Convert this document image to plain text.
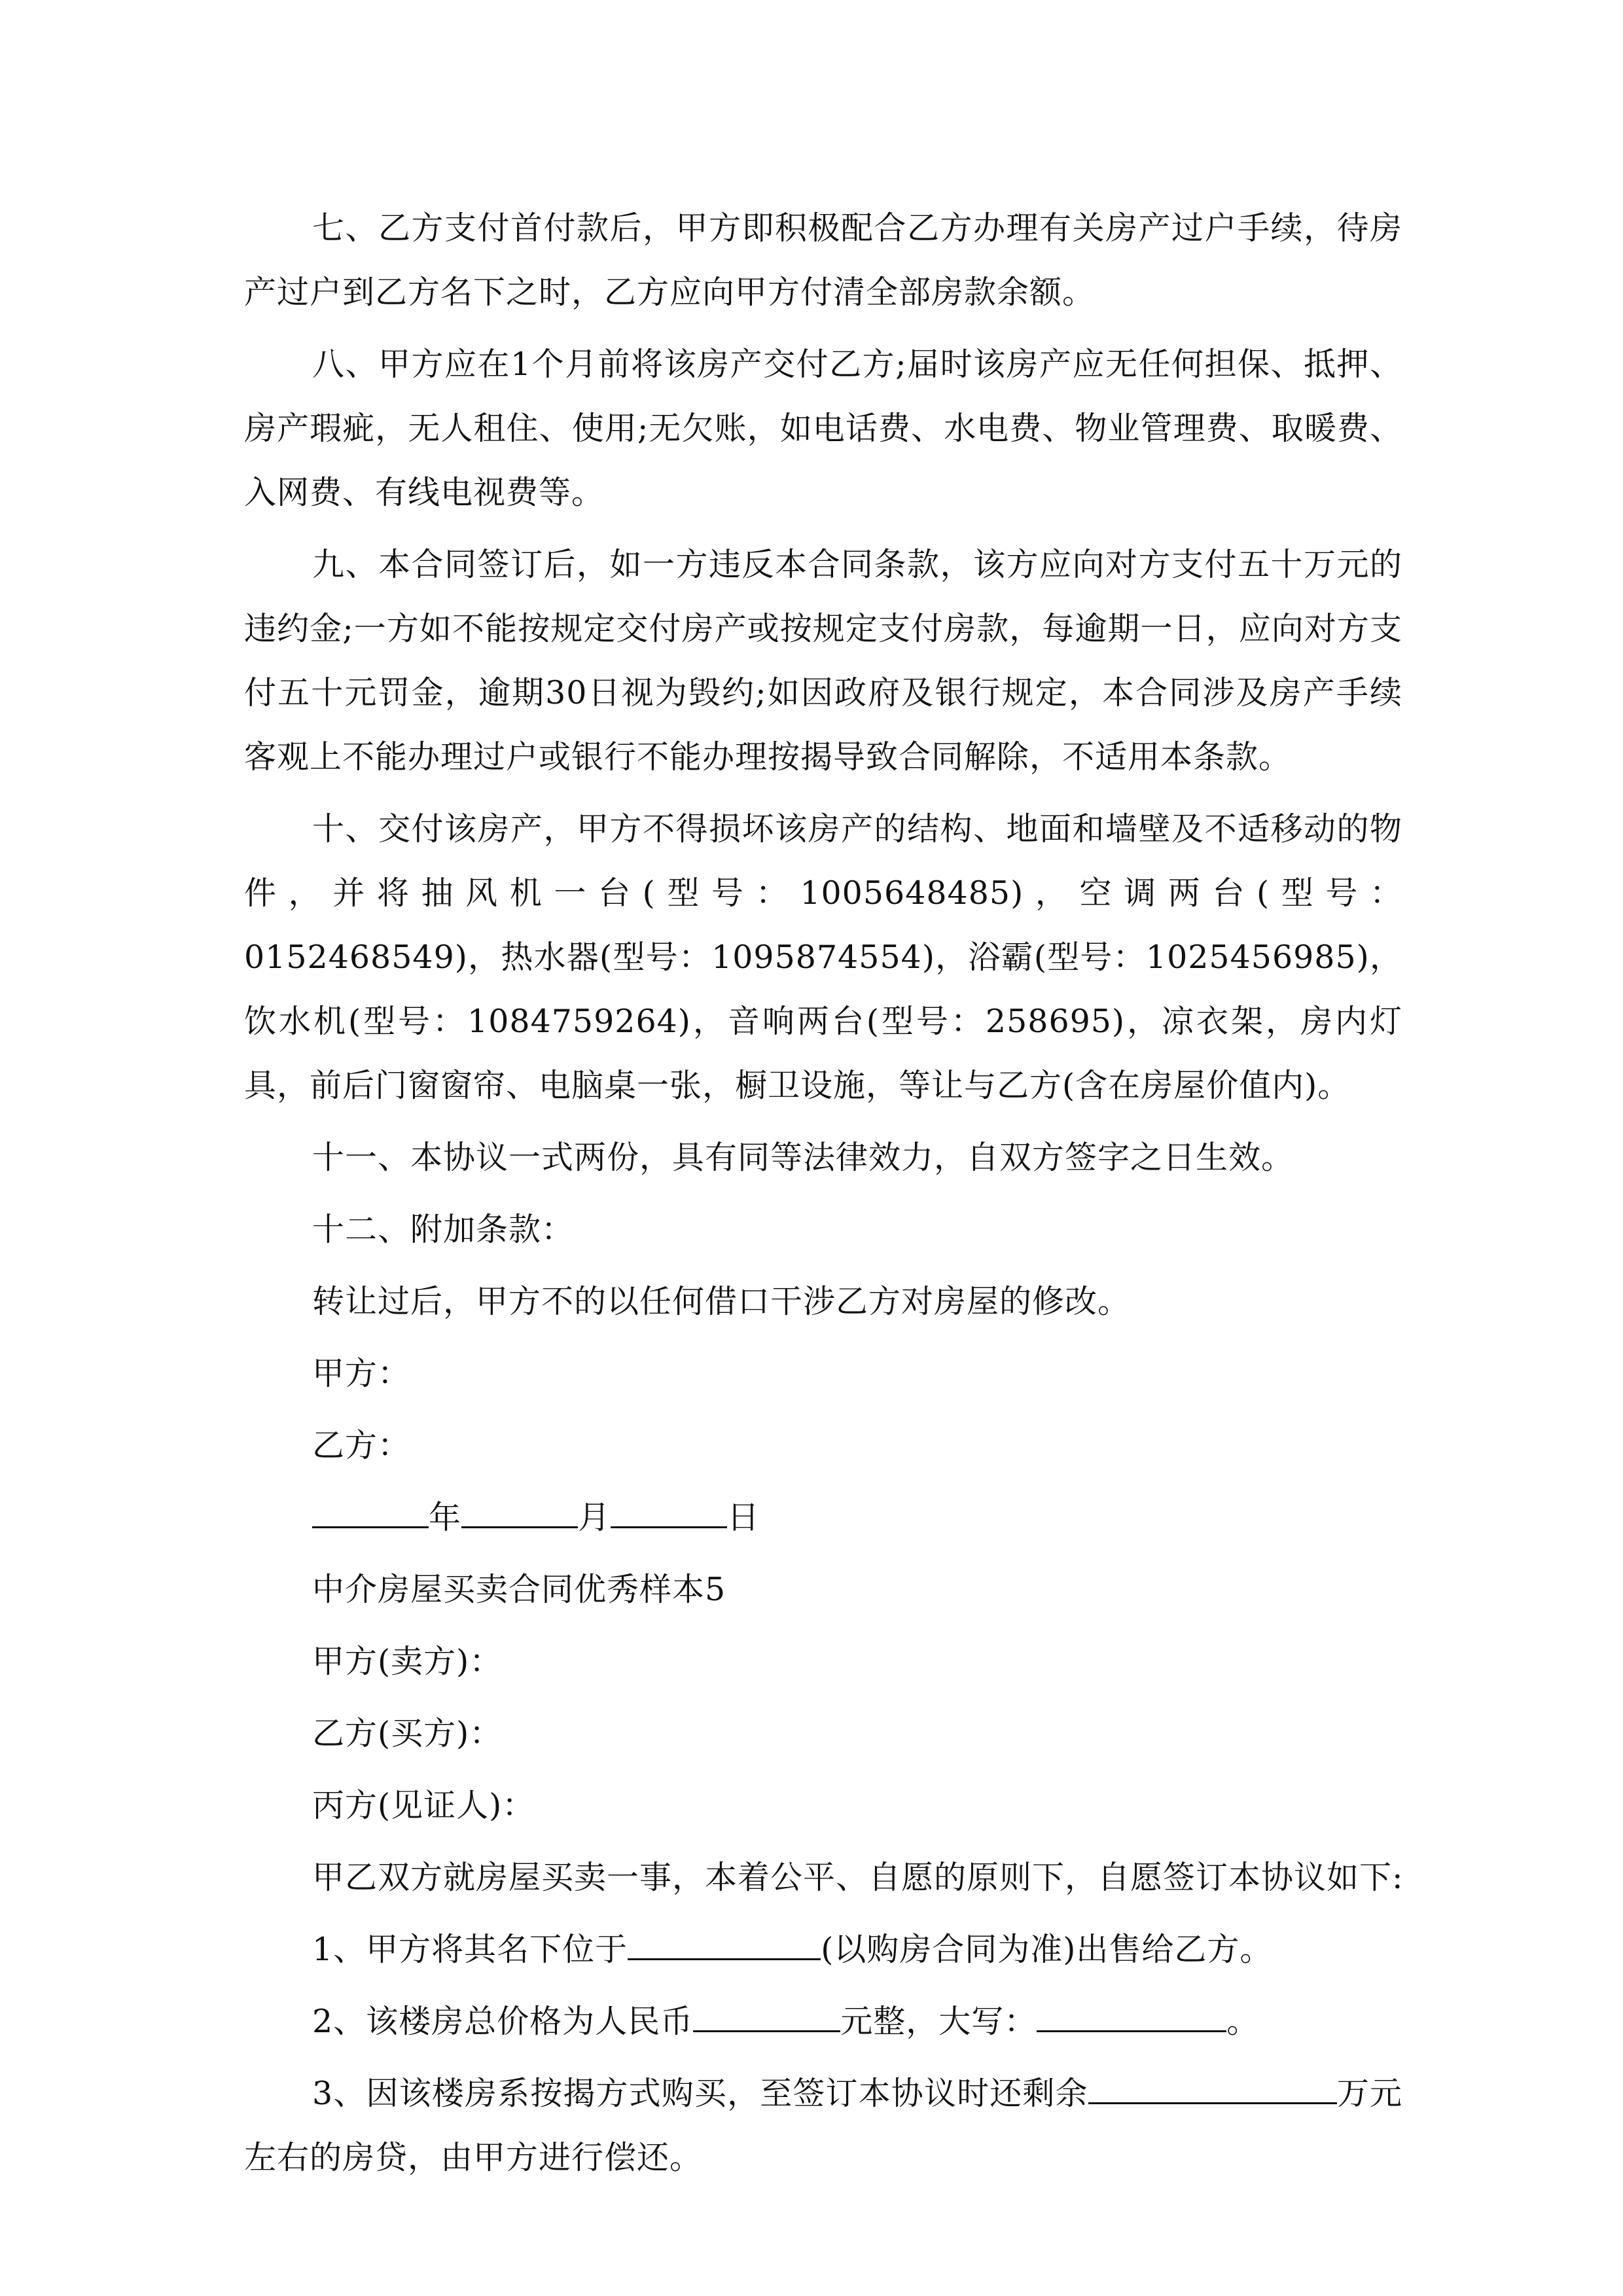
七、乙方支付首付款后，甲方即积极配合乙方办理有关房产过户手续，待房产过户到乙方名下之时，乙方应向甲方付清全部房款余额。

八、甲方应在1个月前将该房产交付乙方;届时该房产应无任何担保、抵押、房产瑕疵，无人租住、使用;无欠账，如电话费、水电费、物业管理费、取暖费、入网费、有线电视费等。

九、本合同签订后，如一方违反本合同条款，该方应向对方支付五十万元的违约金;一方如不能按规定交付房产或按规定支付房款，每逾期一日，应向对方支付五十元罚金，逾期30日视为毁约;如因政府及银行规定，本合同涉及房产手续客观上不能办理过户或银行不能办理按揭导致合同解除，不适用本条款。

十、交付该房产，甲方不得损坏该房产的结构、地面和墙壁及不适移动的物件，并将抽风机一台(型号：1005648485)，空调两台(型号：0152468549)，热水器(型号：1095874554)，浴霸(型号：1025456985)，饮水机(型号：1084759264)，音响两台(型号：258695)，凉衣架，房内灯具，前后门窗窗帘、电脑桌一张，橱卫设施，等让与乙方(含在房屋价值内)。

十一、本协议一式两份，具有同等法律效力，自双方签字之日生效。

十二、附加条款：

转让过后，甲方不的以任何借口干涉乙方对房屋的修改。

甲方：

乙方：

年	月	日

中介房屋买卖合同优秀样本5

甲方(卖方)：

乙方(买方)：

丙方(见证人)：

甲乙双方就房屋买卖一事，本着公平、自愿的原则下，自愿签订本协议如下:

1、甲方将其名下位于	(以购房合同为准)出售给乙方。

2、该楼房总价格为人民币	元整，大写：	。

3、因该楼房系按揭方式购买，至签订本协议时还剩余	万元左右的房贷，由甲方进行偿还。
